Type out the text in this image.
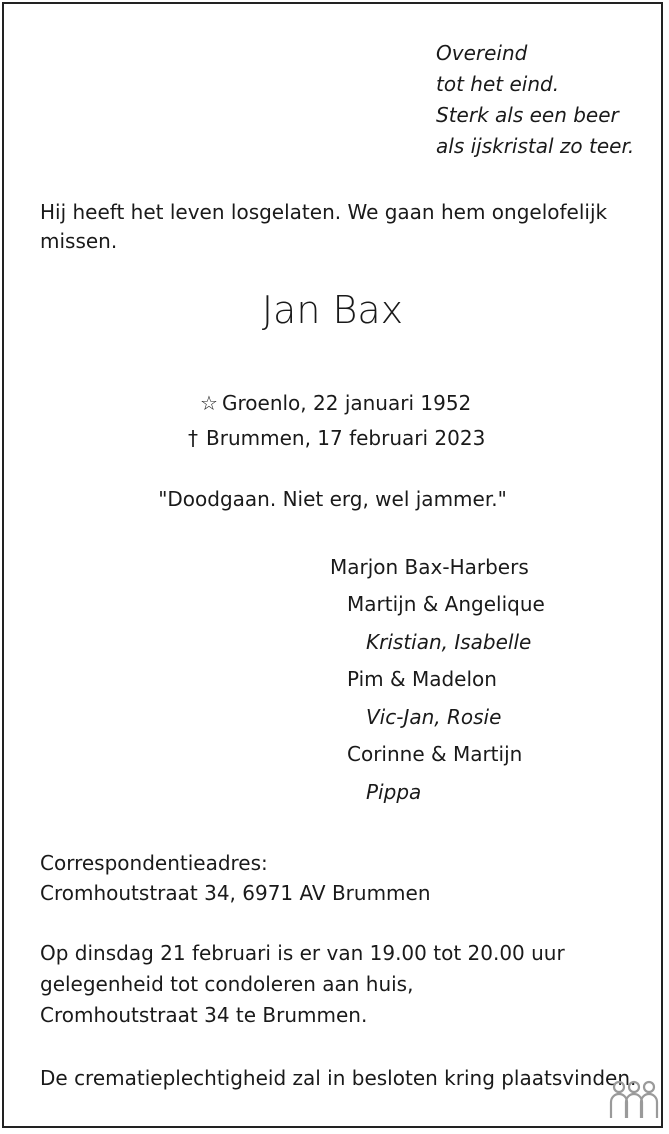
Overeind
tot het eind.
Sterk als een beer
als ijskristal zo teer.
Hij heeft het leven losgelaten. We gaan hem ongelofelijk missen.
Jan Bax
☆ Groenlo, 22 januari 1952
† Brummen, 17 februari 2023
"Doodgaan. Niet erg, wel jammer."
Marjon Bax-Harbers
Martijn & Angelique
Kristian, Isabelle
Pim & Madelon
Vic-Jan, Rosie
Corinne & Martijn
Pippa
Correspondentieadres:
Cromhoutstraat 34, 6971 AV Brummen
Op dinsdag 21 februari is er van 19.00 tot 20.00 uur
gelegenheid tot condoleren aan huis,
Cromhoutstraat 34 te Brummen.
De crematieplechtigheid zal in besloten kring plaatsvinden.
